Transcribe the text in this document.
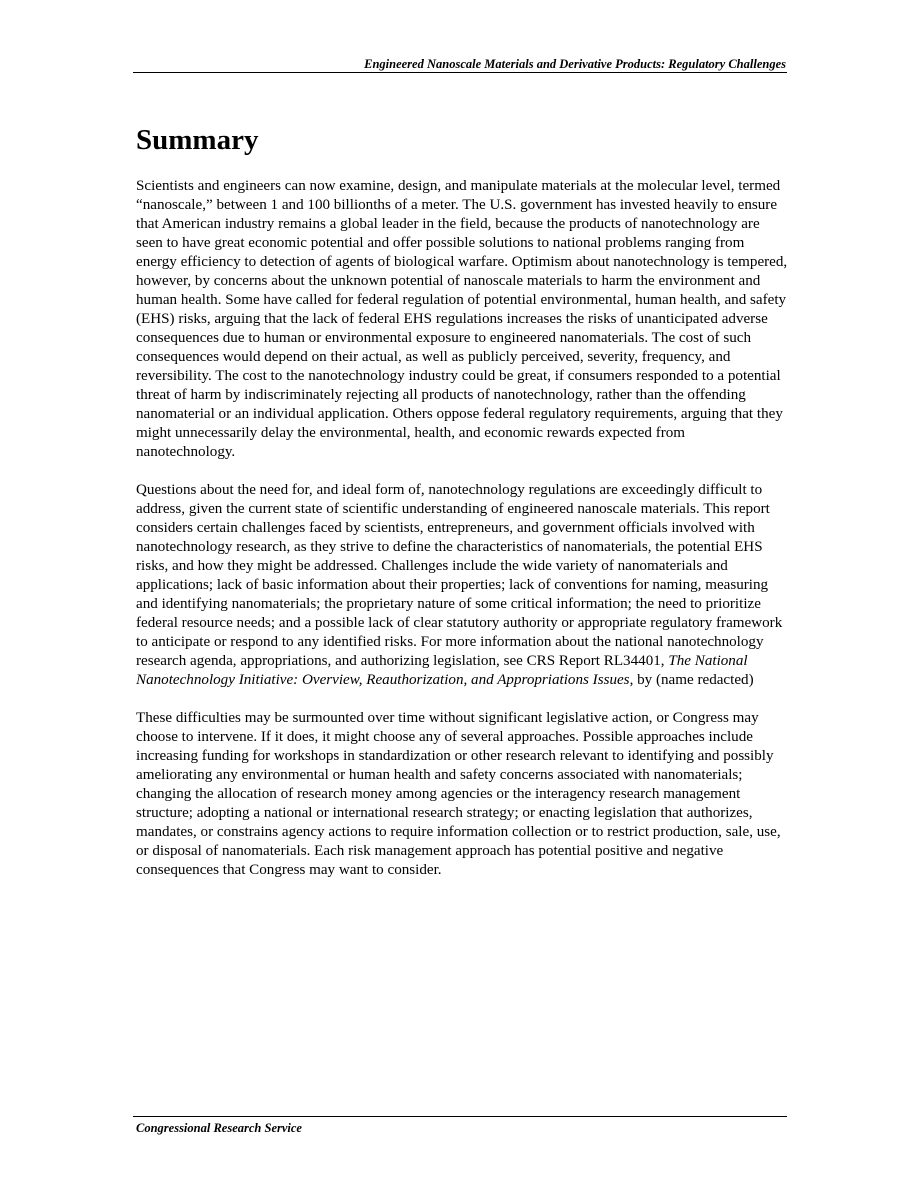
Engineered Nanoscale Materials and Derivative Products: Regulatory Challenges
Summary

Scientists and engineers can now examine, design, and manipulate materials at the molecular level, termed “nanoscale,” between 1 and 100 billionths of a meter. The U.S. government has invested heavily to ensure that American industry remains a global leader in the field, because the products of nanotechnology are seen to have great economic potential and offer possible solutions to national problems ranging from energy efficiency to detection of agents of biological warfare. Optimism about nanotechnology is tempered, however, by concerns about the unknown potential of nanoscale materials to harm the environment and human health. Some have called for federal regulation of potential environmental, human health, and safety (EHS) risks, arguing that the lack of federal EHS regulations increases the risks of unanticipated adverse consequences due to human or environmental exposure to engineered nanomaterials. The cost of such consequences would depend on their actual, as well as publicly perceived, severity, frequency, and reversibility. The cost to the nanotechnology industry could be great, if consumers responded to a potential threat of harm by indiscriminately rejecting all products of nanotechnology, rather than the offending nanomaterial or an individual application. Others oppose federal regulatory requirements, arguing that they might unnecessarily delay the environmental, health, and economic rewards expected from nanotechnology.

Questions about the need for, and ideal form of, nanotechnology regulations are exceedingly difficult to address, given the current state of scientific understanding of engineered nanoscale materials. This report considers certain challenges faced by scientists, entrepreneurs, and government officials involved with nanotechnology research, as they strive to define the characteristics of nanomaterials, the potential EHS risks, and how they might be addressed. Challenges include the wide variety of nanomaterials and applications; lack of basic information about their properties; lack of conventions for naming, measuring and identifying nanomaterials; the proprietary nature of some critical information; the need to prioritize federal resource needs; and a possible lack of clear statutory authority or appropriate regulatory framework to anticipate or respond to any identified risks. For more information about the national nanotechnology research agenda, appropriations, and authorizing legislation, see CRS Report RL34401, The National Nanotechnology Initiative: Overview, Reauthorization, and Appropriations Issues, by (name redacted)

These difficulties may be surmounted over time without significant legislative action, or Congress may choose to intervene. If it does, it might choose any of several approaches. Possible approaches include increasing funding for workshops in standardization or other research relevant to identifying and possibly ameliorating any environmental or human health and safety concerns associated with nanomaterials; changing the allocation of research money among agencies or the interagency research management structure; adopting a national or international research strategy; or enacting legislation that authorizes, mandates, or constrains agency actions to require information collection or to restrict production, sale, use, or disposal of nanomaterials. Each risk management approach has potential positive and negative consequences that Congress may want to consider.

Congressional Research Service
